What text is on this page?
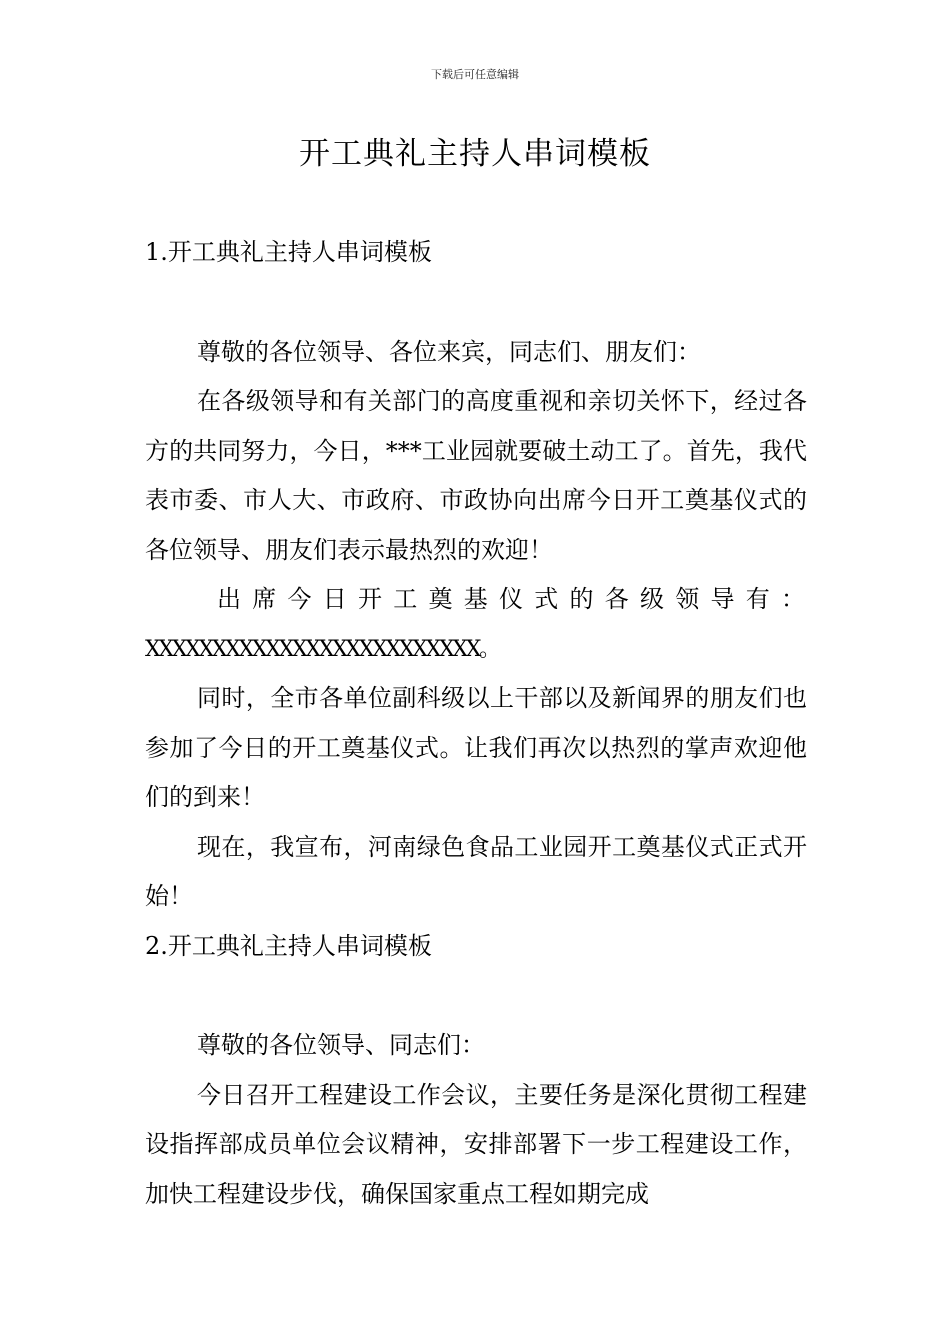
下载后可任意编辑
开工典礼主持人串词模板

1.开工典礼主持人串词模板

尊敬的各位领导、各位来宾，同志们、朋友们：

在各级领导和有关部门的高度重视和亲切关怀下，经过各方的共同努力，今日，***工业园就要破土动工了。首先，我代表市委、市人大、市政府、市政协向出席今日开工奠基仪式的各位领导、朋友们表示最热烈的欢迎！

出席今日开工奠基仪式的各级领导有：

XXXXXXXXXXXXXXXXXXXXXXXXX。

同时，全市各单位副科级以上干部以及新闻界的朋友们也参加了今日的开工奠基仪式。让我们再次以热烈的掌声欢迎他们的到来！

现在，我宣布，河南绿色食品工业园开工奠基仪式正式开始！

2.开工典礼主持人串词模板

尊敬的各位领导、同志们：

今日召开工程建设工作会议，主要任务是深化贯彻工程建设指挥部成员单位会议精神，安排部署下一步工程建设工作，加快工程建设步伐，确保国家重点工程如期完成
